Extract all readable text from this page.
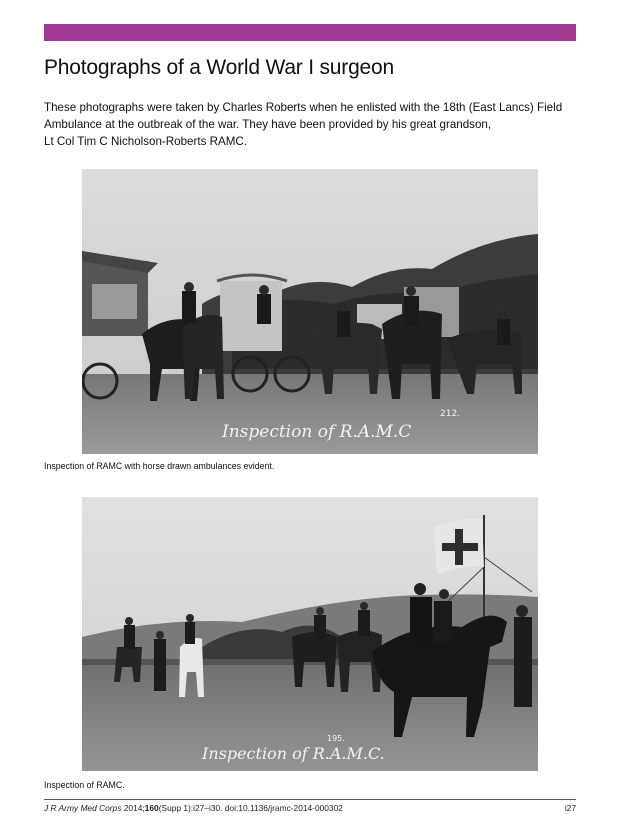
Photographs of a World War I surgeon

These photographs were taken by Charles Roberts when he enlisted with the 18th (East Lancs) Field
Ambulance at the outbreak of the war. They have been provided by his great grandson,
Lt Col Tim C Nicholson-Roberts RAMC.

Inspection of R.A.M.C
212.

Inspection of RAMC with horse drawn ambulances evident.

Inspection of R.A.M.C.
195.

Inspection of RAMC.

J R Army Med Corps 2014;160(Supp 1):i27–i30. doi:10.1136/jramc-2014-000302	i27
